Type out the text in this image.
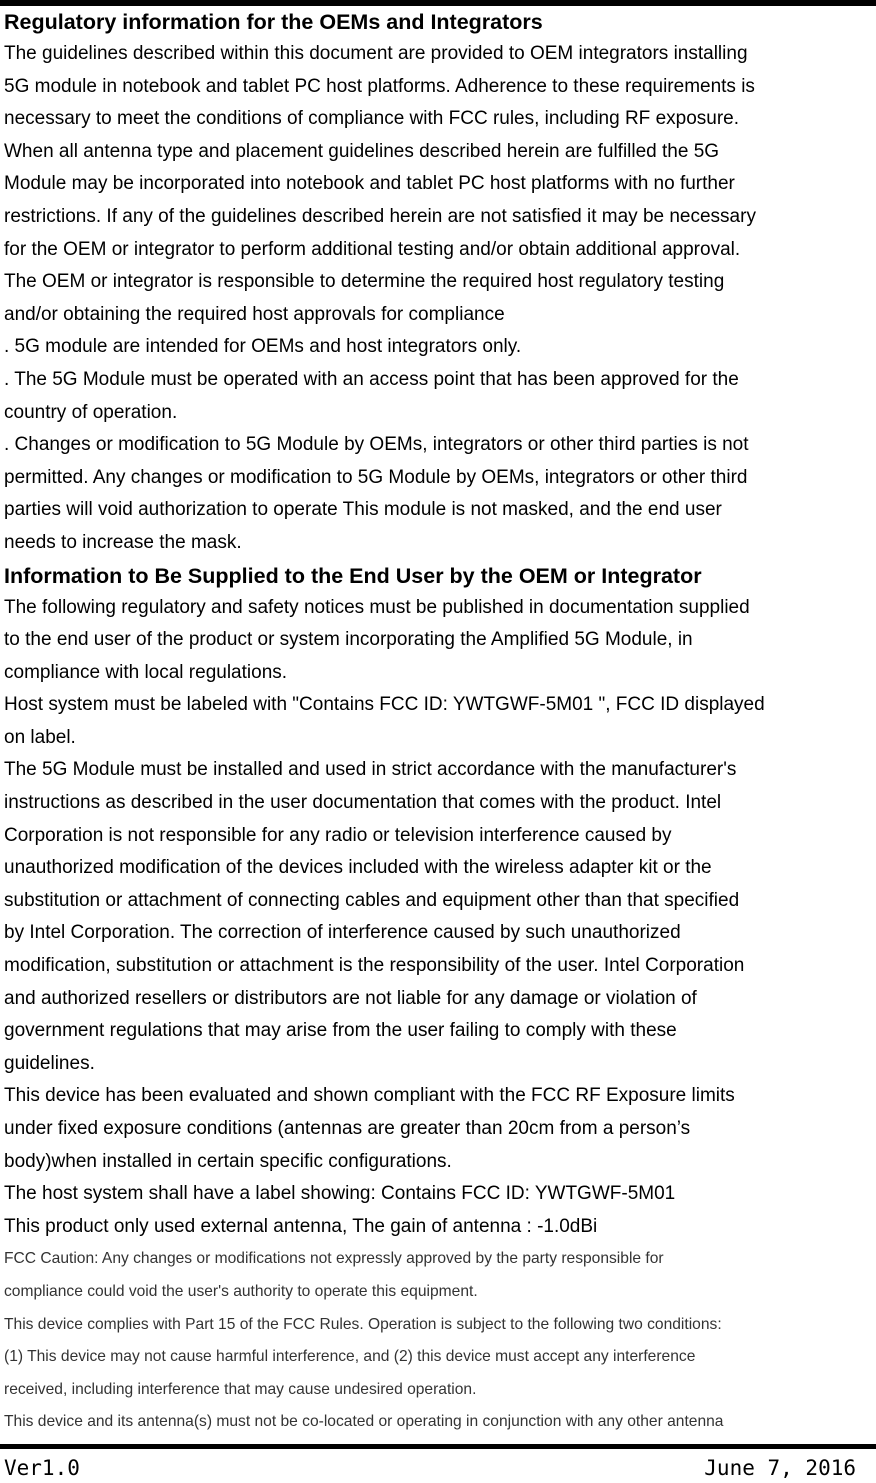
Regulatory information for the OEMs and Integrators
The guidelines described within this document are provided to OEM integrators installing
5G module in notebook and tablet PC host platforms. Adherence to these requirements is
necessary to meet the conditions of compliance with FCC rules, including RF exposure.
When all antenna type and placement guidelines described herein are fulfilled the 5G
Module may be incorporated into notebook and tablet PC host platforms with no further
restrictions. If any of the guidelines described herein are not satisfied it may be necessary
for the OEM or integrator to perform additional testing and/or obtain additional approval.
The OEM or integrator is responsible to determine the required host regulatory testing
and/or obtaining the required host approvals for compliance
. 5G module are intended for OEMs and host integrators only.
. The 5G Module must be operated with an access point that has been approved for the
country of operation.
. Changes or modification to 5G Module by OEMs, integrators or other third parties is not
permitted. Any changes or modification to 5G Module by OEMs, integrators or other third
parties will void authorization to operate This module is not masked, and the end user
needs to increase the mask.
Information to Be Supplied to the End User by the OEM or Integrator
The following regulatory and safety notices must be published in documentation supplied
to the end user of the product or system incorporating the Amplified 5G Module, in
compliance with local regulations.
Host system must be labeled with "Contains FCC ID: YWTGWF-5M01 ", FCC ID displayed
on label.
The 5G Module must be installed and used in strict accordance with the manufacturer's
instructions as described in the user documentation that comes with the product. Intel
Corporation is not responsible for any radio or television interference caused by
unauthorized modification of the devices included with the wireless adapter kit or the
substitution or attachment of connecting cables and equipment other than that specified
by Intel Corporation. The correction of interference caused by such unauthorized
modification, substitution or attachment is the responsibility of the user. Intel Corporation
and authorized resellers or distributors are not liable for any damage or violation of
government regulations that may arise from the user failing to comply with these
guidelines.
This device has been evaluated and shown compliant with the FCC RF Exposure limits
under fixed exposure conditions (antennas are greater than 20cm from a person’s
body)when installed in certain specific configurations.
The host system shall have a label showing: Contains FCC ID: YWTGWF-5M01
This product only used external antenna, The gain of antenna : -1.0dBi
FCC Caution: Any changes or modifications not expressly approved by the party responsible for
compliance could void the user's authority to operate this equipment.
This device complies with Part 15 of the FCC Rules. Operation is subject to the following two conditions:
(1) This device may not cause harmful interference, and (2) this device must accept any interference
received, including interference that may cause undesired operation.
This device and its antenna(s) must not be co-located or operating in conjunction with any other antenna
Ver1.0	June 7, 2016
